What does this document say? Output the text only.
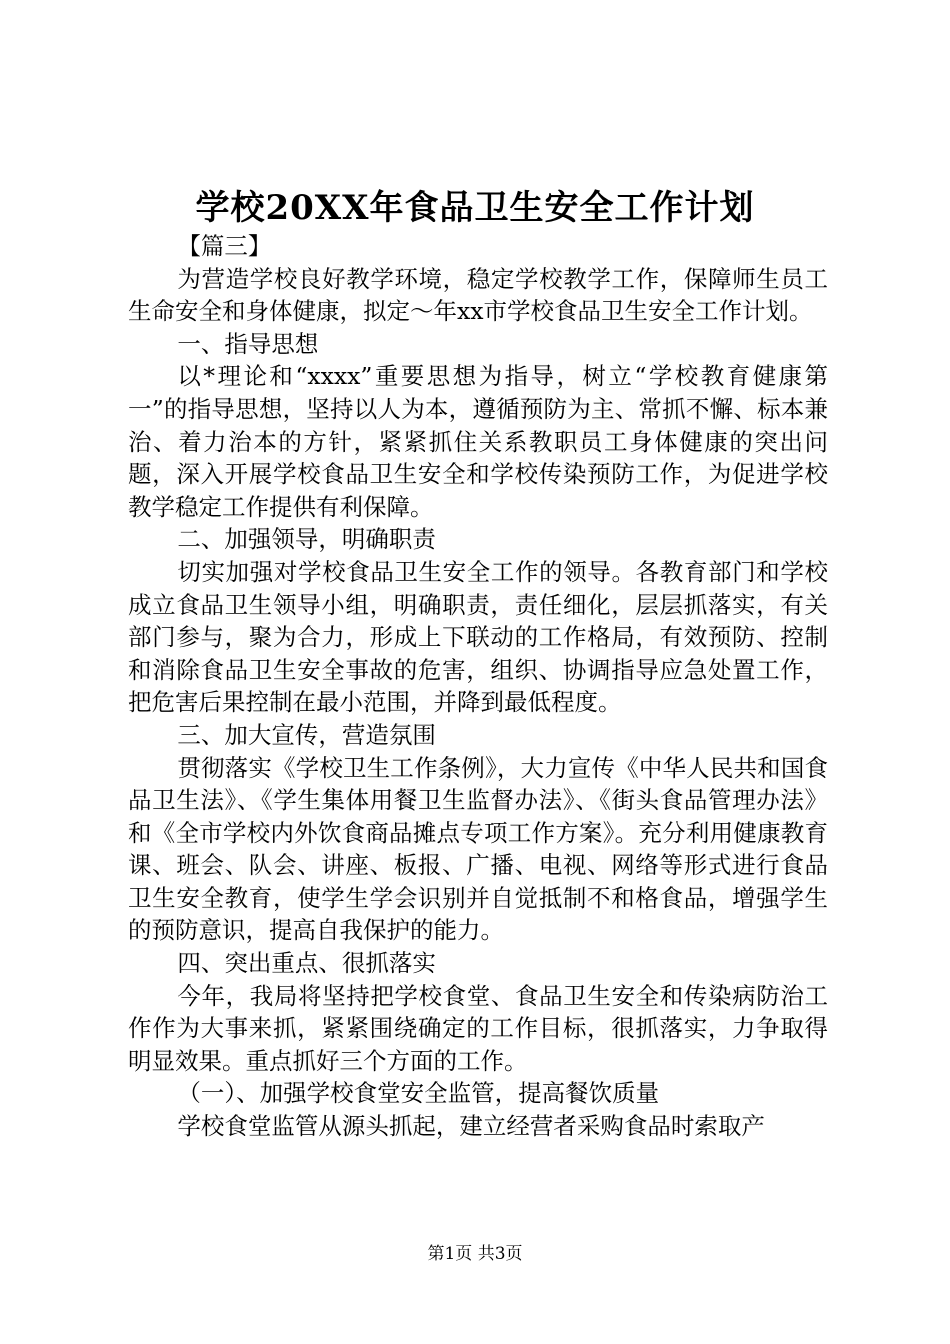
学校20XX年食品卫生安全工作计划

【篇三】

为营造学校良好教学环境，稳定学校教学工作，保障师生员工生命安全和身体健康，拟定～年xx市学校食品卫生安全工作计划。

一、指导思想

以*理论和“xxxx”重要思想为指导，树立“学校教育健康第一”的指导思想，坚持以人为本，遵循预防为主、常抓不懈、标本兼治、着力治本的方针，紧紧抓住关系教职员工身体健康的突出问题，深入开展学校食品卫生安全和学校传染预防工作，为促进学校教学稳定工作提供有利保障。

二、加强领导，明确职责

切实加强对学校食品卫生安全工作的领导。各教育部门和学校成立食品卫生领导小组，明确职责，责任细化，层层抓落实，有关部门参与，聚为合力，形成上下联动的工作格局，有效预防、控制和消除食品卫生安全事故的危害，组织、协调指导应急处置工作，把危害后果控制在最小范围，并降到最低程度。

三、加大宣传，营造氛围

贯彻落实《学校卫生工作条例》，大力宣传《中华人民共和国食品卫生法》、《学生集体用餐卫生监督办法》、《街头食品管理办法》和《全市学校内外饮食商品摊点专项工作方案》。充分利用健康教育课、班会、队会、讲座、板报、广播、电视、网络等形式进行食品卫生安全教育，使学生学会识别并自觉抵制不和格食品，增强学生的预防意识，提高自我保护的能力。

四、突出重点、很抓落实

今年，我局将坚持把学校食堂、食品卫生安全和传染病防治工作作为大事来抓，紧紧围绕确定的工作目标，很抓落实，力争取得明显效果。重点抓好三个方面的工作。

（一）、加强学校食堂安全监管，提高餐饮质量

学校食堂监管从源头抓起，建立经营者采购食品时索取产

第1页 共3页
